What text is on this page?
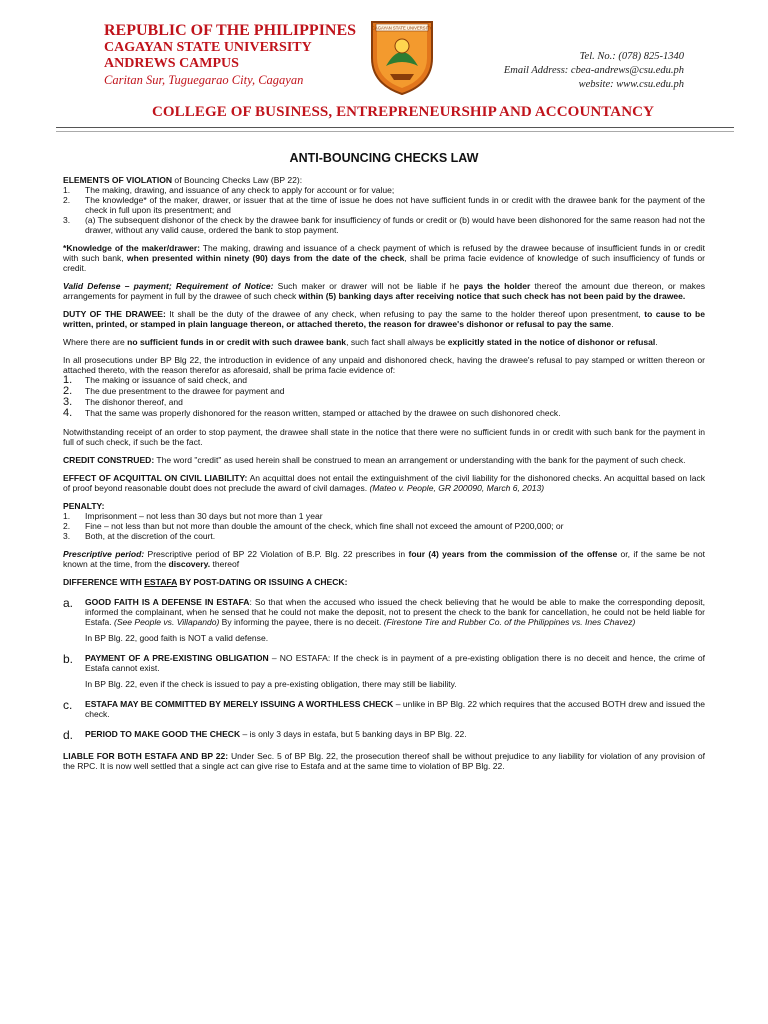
REPUBLIC OF THE PHILIPPINES
CAGAYAN STATE UNIVERSITY
ANDREWS CAMPUS
Caritan Sur, Tuguegarao City, Cagayan
CAGAYAN STATE UNIVERSITY
Tel. No.: (078) 825-1340
Email Address: cbea-andrews@csu.edu.ph
website: www.csu.edu.ph
COLLEGE OF BUSINESS, ENTREPRENEURSHIP AND ACCOUNTANCY
ANTI-BOUNCING CHECKS LAW
ELEMENTS OF VIOLATION of Bouncing Checks Law (BP 22):
1.	The making, drawing, and issuance of any check to apply for account or for value;
2.	The knowledge* of the maker, drawer, or issuer that at the time of issue he does not have sufficient funds in or credit with the drawee bank for the payment of the check in full upon its presentment; and
3.	(a) The subsequent dishonor of the check by the drawee bank for insufficiency of funds or credit or (b) would have been dishonored for the same reason had not the drawer, without any valid cause, ordered the bank to stop payment.
*Knowledge of the maker/drawer: The making, drawing and issuance of a check payment of which is refused by the drawee because of insufficient funds in or credit with such bank, when presented within ninety (90) days from the date of the check, shall be prima facie evidence of knowledge of such insufficiency of funds or credit.
Valid Defense – payment; Requirement of Notice: Such maker or drawer will not be liable if he pays the holder thereof the amount due thereon, or makes arrangements for payment in full by the drawee of such check within (5) banking days after receiving notice that such check has not been paid by the drawee.
DUTY OF THE DRAWEE: It shall be the duty of the drawee of any check, when refusing to pay the same to the holder thereof upon presentment, to cause to be written, printed, or stamped in plain language thereon, or attached thereto, the reason for drawee's dishonor or refusal to pay the same.
Where there are no sufficient funds in or credit with such drawee bank, such fact shall always be explicitly stated in the notice of dishonor or refusal.
In all prosecutions under BP Blg 22, the introduction in evidence of any unpaid and dishonored check, having the drawee's refusal to pay stamped or written thereon or attached thereto, with the reason therefor as aforesaid, shall be prima facie evidence of:
1.	The making or issuance of said check, and
2.	The due presentment to the drawee for payment and
3.	The dishonor thereof, and
4.	That the same was properly dishonored for the reason written, stamped or attached by the drawee on such dishonored check.
Notwithstanding receipt of an order to stop payment, the drawee shall state in the notice that there were no sufficient funds in or credit with such bank for the payment in full of such check, if such be the fact.
CREDIT CONSTRUED: The word "credit" as used herein shall be construed to mean an arrangement or understanding with the bank for the payment of such check.
EFFECT OF ACQUITTAL ON CIVIL LIABILITY: An acquittal does not entail the extinguishment of the civil liability for the dishonored checks. An acquittal based on lack of proof beyond reasonable doubt does not preclude the award of civil damages. (Mateo v. People, GR 200090, March 6, 2013)
PENALTY:
1.	Imprisonment – not less than 30 days but not more than 1 year
2.	Fine – not less than but not more than double the amount of the check, which fine shall not exceed the amount of P200,000; or
3.	Both, at the discretion of the court.
Prescriptive period: Prescriptive period of BP 22 Violation of B.P. Blg. 22 prescribes in four (4) years from the commission of the offense or, if the same be not known at the time, from the discovery. thereof
DIFFERENCE WITH ESTAFA BY POST-DATING OR ISSUING A CHECK:
a.	GOOD FAITH IS A DEFENSE IN ESTAFA: So that when the accused who issued the check believing that he would be able to make the corresponding deposit, informed the complainant, when he sensed that he could not make the deposit, not to present the check to the bank for cancellation, he could not be held liable for Estafa. (See People vs. Villapando) By informing the payee, there is no deceit. (Firestone Tire and Rubber Co. of the Philippines vs. Ines Chavez)
In BP Blg. 22, good faith is NOT a valid defense.
b.	PAYMENT OF A PRE-EXISTING OBLIGATION – NO ESTAFA: If the check is in payment of a pre-existing obligation there is no deceit and hence, the crime of Estafa cannot exist.
In BP Blg. 22, even if the check is issued to pay a pre-existing obligation, there may still be liability.
c.	ESTAFA MAY BE COMMITTED BY MERELY ISSUING A WORTHLESS CHECK – unlike in BP Blg. 22 which requires that the accused BOTH drew and issued the check.
d.	PERIOD TO MAKE GOOD THE CHECK – is only 3 days in estafa, but 5 banking days in BP Blg. 22.
LIABLE FOR BOTH ESTAFA AND BP 22: Under Sec. 5 of BP Blg. 22, the prosecution thereof shall be without prejudice to any liability for violation of any provision of the RPC. It is now well settled that a single act can give rise to Estafa and at the same time to violation of BP Blg. 22.
